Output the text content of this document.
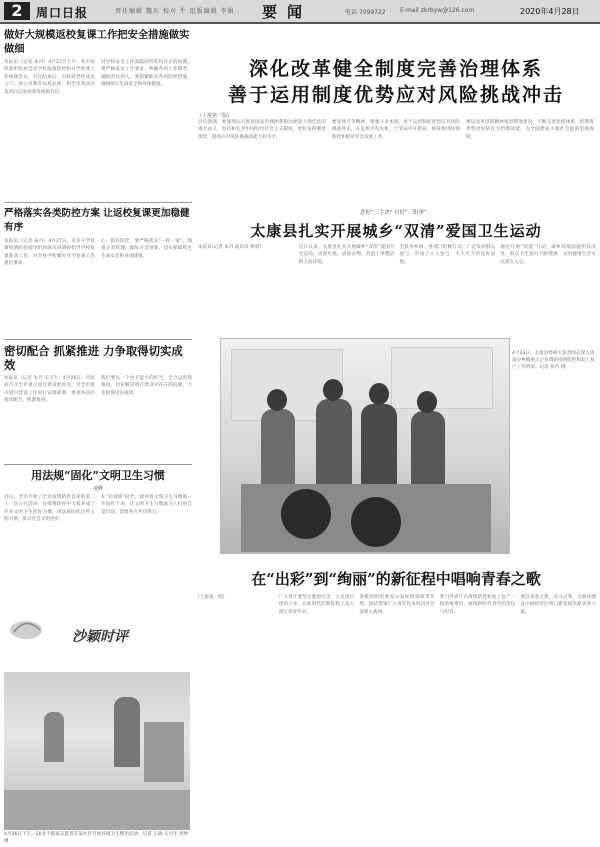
2	周口日报	责任编辑 魏东 校对 牛 组版编辑 李娟 要闻	电话 7099722 E-mail zkrbyw@126.com	2020年4月28日
做好大规模返校复课工作把安全措施做实做细

本报讯（记者 朱丹）4月27日上午，我市组织收听收看全省学校疫情防控和开学复课工作视频会议。会议结束后，市政府党组成员王宁，周口市教育局局长孙，和全市各县区负责同志参加我市视频会议。

对学校安全工作面临的形势和存在的问题，要严格落实工作要求，明确各项工作职责，确保责任到人，要抓紧抓实各项防控措施，确保师生生命安全和身体健康。

严格落实各类防控方案 让返校复课更加稳健有序

本报讯（记者 朱丹）4月27日，省市开学复课疫情防控指导组到商水县调研指导学校复课准备工作，对全县学校做好开学复课工作提出要求。

心、抓好防控，要严格落实“一校一案”，加强分类管理，做好应急预案，切实保障师生生命安全和身体健康。

密切配合 抓紧推进 力争取得切实成效

本报讯（记者 朱丹 实习生）4月26日，市政府召开全市重点项目建设推进会，对全市重点项目建设工作进行安排部署，要求各县区密切配合，抓紧推进。

我们要以一个也不能少的担当，全力以赴抓推进，切实解决项目建设中存在的问题，力争取得切实成效。

用法规“固化”文明卫生习惯
凌峰

近日，全市开展了全市疫情防控以来的第二十一次公开活动，在疫情防控中大家养成了许多文明卫生的好习惯，用法规固化这些文明习惯，推动社会文明进步。

在“后疫情”时代，如何将文明卫生习惯进一步固化下来，让文明卫生习惯成为人们的自觉行动，需要各方共同努力。

沙颖时评
4月26日下午，20多个街道志愿者在某社区开展环境卫生整治活动。记者 王晓 实习生 何婷 摄
深化改革健全制度完善治理体系
善于运用制度优势应对风险挑战冲击
(上接第一版)

会议强调，要深刻认识推进国家治理体系和治理能力现代化的重大意义，坚持和完善中国特色社会主义制度，更好发挥制度优势，提高应对风险挑战的能力和水平。

要发扬斗争精神，增强斗争本领，善于运用制度优势应对风险挑战冲击，在危机中育先机、于变局中开新局，统筹推进疫情防控和经济社会发展工作。

要以改革创新精神推进制度建设，不断完善治理体系，把制度优势更好转化为治理效能，为全面建成小康社会提供坚强保障。

念好“三字诀” 打好“三组拳”
太康县扎实开展城乡“双清”爱国卫生运动

本报讯(记者 朱丹 通讯员 杨勇)	近日以来，太康县扎实开展城乡“双清”爱国卫生运动，清理垃圾、清除杂物，营造干净整洁的人居环境。

全县各乡镇、各部门积极行动，广泛发动群众参与，形成了人人参与、人人尽力的良好氛围。

通过开展“双清”行动，城乡环境面貌明显改善，群众卫生意识不断增强，文明健康生活方式深入人心。

4月23日，太康县委相关负责同志深入到部分乡镇重点企业调研疫情防控和复工复产工作情况。记者 张冉 摄
在“出彩”到“绚丽”的新征程中唱响青春之歌

(上接第一版)	广大青年要坚定理想信念，立足岗位建功立业，在新时代的新征程上奋力谱写青春华章。

各级团组织要充分发挥桥梁纽带作用，团结带领广大青年投身经济社会发展主战场。

要引导青年在疫情防控和复工复产一线勇挑重担，展现新时代青年的责任与担当。

要以青春之我，奋斗之我，为加快建设中原经济区周口新发展贡献青春力量。
